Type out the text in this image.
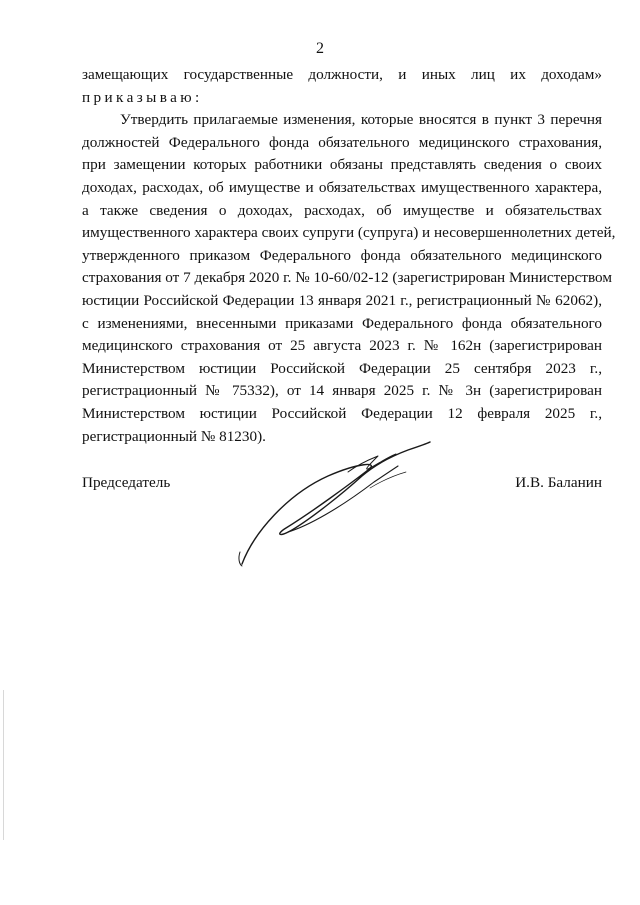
2
замещающих государственные должности, и иных лиц их доходам»
приказываю:
Утвердить прилагаемые изменения, которые вносятся в пункт 3 перечня
должностей Федерального фонда обязательного медицинского страхования,
при замещении которых работники обязаны представлять сведения о своих
доходах, расходах, об имуществе и обязательствах имущественного характера,
а также сведения о доходах, расходах, об имуществе и обязательствах
имущественного характера своих супруги (супруга) и несовершеннолетних детей,
утвержденного приказом Федерального фонда обязательного медицинского
страхования от 7 декабря 2020 г. № 10-60/02-12 (зарегистрирован Министерством
юстиции Российской Федерации 13 января 2021 г., регистрационный № 62062),
с изменениями, внесенными приказами Федерального фонда обязательного
медицинского страхования от 25 августа 2023 г. № 162н (зарегистрирован
Министерством юстиции Российской Федерации 25 сентября 2023 г.,
регистрационный № 75332), от 14 января 2025 г. № 3н (зарегистрирован
Министерством юстиции Российской Федерации 12 февраля 2025 г.,
регистрационный № 81230).
Председатель	И.В. Баланин
